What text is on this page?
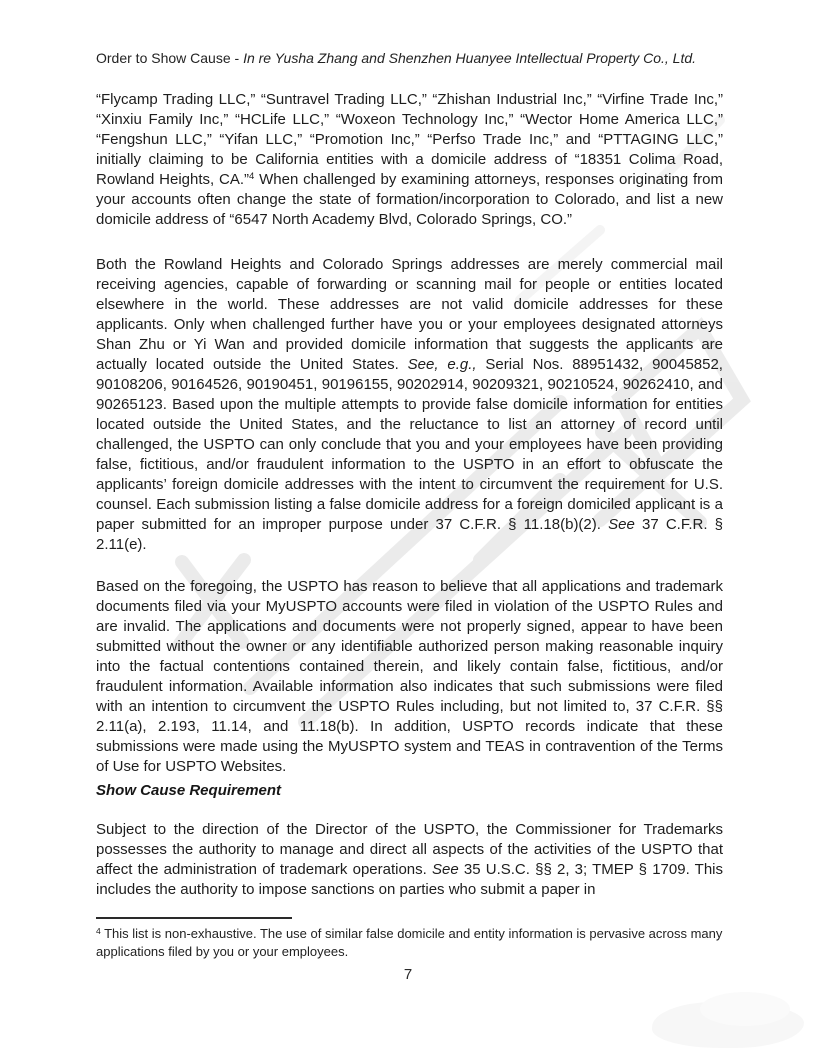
Order to Show Cause - In re Yusha Zhang and Shenzhen Huanyee Intellectual Property Co., Ltd.
“Flycamp Trading LLC,” “Suntravel Trading LLC,” “Zhishan Industrial Inc,” “Virfine Trade Inc,” “Xinxiu Family Inc,” “HCLife LLC,” “Woxeon Technology Inc,” “Wector Home America LLC,” “Fengshun LLC,” “Yifan LLC,” “Promotion Inc,” “Perfso Trade Inc,” and “PTTAGING LLC,” initially claiming to be California entities with a domicile address of “18351 Colima Road, Rowland Heights, CA.”$^4$ When challenged by examining attorneys, responses originating from your accounts often change the state of formation/incorporation to Colorado, and list a new domicile address of “6547 North Academy Blvd, Colorado Springs, CO.”
Both the Rowland Heights and Colorado Springs addresses are merely commercial mail receiving agencies, capable of forwarding or scanning mail for people or entities located elsewhere in the world. These addresses are not valid domicile addresses for these applicants. Only when challenged further have you or your employees designated attorneys Shan Zhu or Yi Wan and provided domicile information that suggests the applicants are actually located outside the United States. See, e.g., Serial Nos. 88951432, 90045852, 90108206, 90164526, 90190451, 90196155, 90202914, 90209321, 90210524, 90262410, and 90265123. Based upon the multiple attempts to provide false domicile information for entities located outside the United States, and the reluctance to list an attorney of record until challenged, the USPTO can only conclude that you and your employees have been providing false, fictitious, and/or fraudulent information to the USPTO in an effort to obfuscate the applicants’ foreign domicile addresses with the intent to circumvent the requirement for U.S. counsel. Each submission listing a false domicile address for a foreign domiciled applicant is a paper submitted for an improper purpose under 37 C.F.R. § 11.18(b)(2). See 37 C.F.R. § 2.11(e).
Based on the foregoing, the USPTO has reason to believe that all applications and trademark documents filed via your MyUSPTO accounts were filed in violation of the USPTO Rules and are invalid. The applications and documents were not properly signed, appear to have been submitted without the owner or any identifiable authorized person making reasonable inquiry into the factual contentions contained therein, and likely contain false, fictitious, and/or fraudulent information. Available information also indicates that such submissions were filed with an intention to circumvent the USPTO Rules including, but not limited to, 37 C.F.R. §§ 2.11(a), 2.193, 11.14, and 11.18(b). In addition, USPTO records indicate that these submissions were made using the MyUSPTO system and TEAS in contravention of the Terms of Use for USPTO Websites.
Show Cause Requirement
Subject to the direction of the Director of the USPTO, the Commissioner for Trademarks possesses the authority to manage and direct all aspects of the activities of the USPTO that affect the administration of trademark operations. See 35 U.S.C. §§ 2, 3; TMEP § 1709. This includes the authority to impose sanctions on parties who submit a paper in
$^4$ This list is non-exhaustive. The use of similar false domicile and entity information is pervasive across many applications filed by you or your employees.
7
